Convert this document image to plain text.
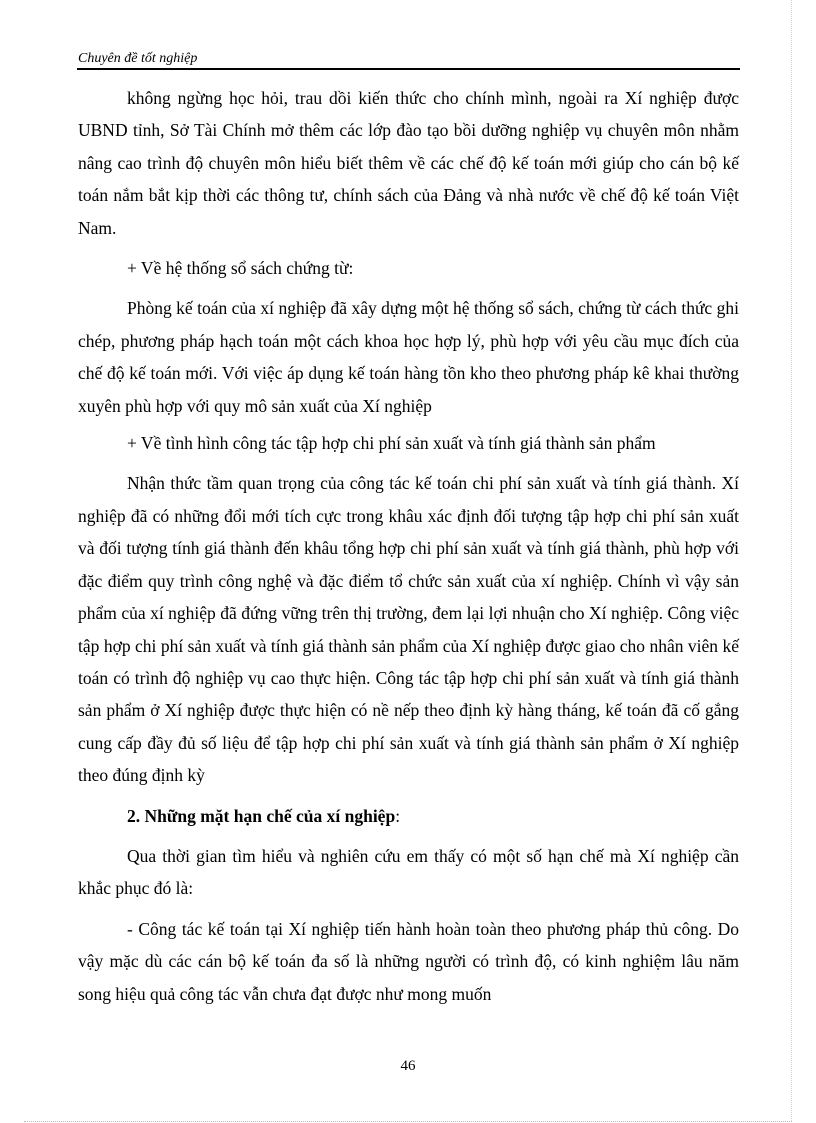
Chuyên đề tốt nghiệp

không ngừng học hỏi, trau dồi kiến thức cho chính mình, ngoài ra Xí nghiệp được UBND tỉnh, Sở Tài Chính mở thêm các lớp đào tạo bồi dưỡng nghiệp vụ chuyên môn nhằm nâng cao trình độ chuyên môn hiểu biết thêm về các chế độ kế toán mới giúp cho cán bộ kế toán nắm bắt kịp thời các thông tư, chính sách của Đảng và nhà nước về chế độ kế toán Việt Nam.

+ Về hệ thống sổ sách chứng từ:

Phòng kế toán của xí nghiệp đã xây dựng một hệ thống sổ sách, chứng từ cách thức ghi chép, phương pháp hạch toán một cách khoa học hợp lý, phù hợp với yêu cầu mục đích của chế độ kế toán mới. Với việc áp dụng kế toán hàng tồn kho theo phương pháp kê khai thường xuyên phù hợp với quy mô sản xuất của Xí nghiệp

+ Về tình hình công tác tập hợp chi phí sản xuất và tính giá thành sản phẩm

Nhận thức tầm quan trọng của công tác kế toán chi phí sản xuất và tính giá thành. Xí nghiệp đã có những đổi mới tích cực trong khâu xác định đối tượng tập hợp chi phí sản xuất và đối tượng tính giá thành đến khâu tổng hợp chi phí sản xuất và tính giá thành, phù hợp với đặc điểm quy trình công nghệ và đặc điểm tổ chức sản xuất của xí nghiệp. Chính vì vậy sản phẩm của xí nghiệp đã đứng vững trên thị trường, đem lại lợi nhuận cho Xí nghiệp. Công việc tập hợp chi phí sản xuất và tính giá thành sản phẩm của Xí nghiệp được giao cho nhân viên kế toán có trình độ nghiệp vụ cao thực hiện. Công tác tập hợp chi phí sản xuất và tính giá thành sản phẩm ở Xí nghiệp được thực hiện có nề nếp theo định kỳ hàng tháng, kế toán đã cố gắng cung cấp đầy đủ số liệu để tập hợp chi phí sản xuất và tính giá thành sản phẩm ở Xí nghiệp theo đúng định kỳ

2. Những mặt hạn chế của xí nghiệp:

Qua thời gian tìm hiểu và nghiên cứu em thấy có một số hạn chế mà Xí nghiệp cần khắc phục đó là:

- Công tác kế toán tại Xí nghiệp tiến hành hoàn toàn theo phương pháp thủ công. Do vậy mặc dù các cán bộ kế toán đa số là những người có trình độ, có kinh nghiệm lâu năm song hiệu quả công tác vẫn chưa đạt được như mong muốn

46
